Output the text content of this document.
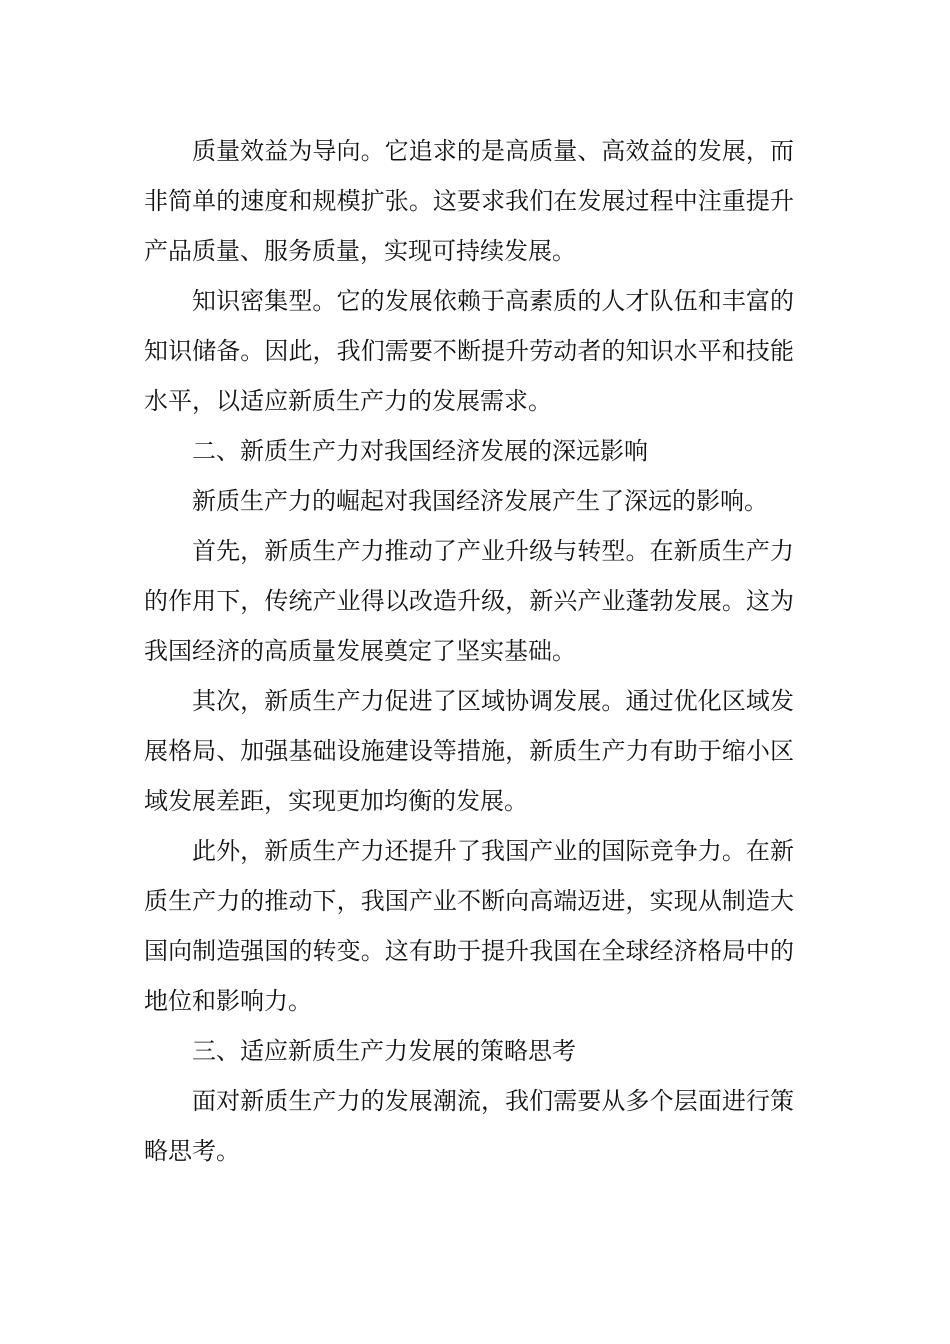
质量效益为导向。它追求的是高质量、高效益的发展，而非简单的速度和规模扩张。这要求我们在发展过程中注重提升产品质量、服务质量，实现可持续发展。

知识密集型。它的发展依赖于高素质的人才队伍和丰富的知识储备。因此，我们需要不断提升劳动者的知识水平和技能水平，以适应新质生产力的发展需求。

二、新质生产力对我国经济发展的深远影响

新质生产力的崛起对我国经济发展产生了深远的影响。

首先，新质生产力推动了产业升级与转型。在新质生产力的作用下，传统产业得以改造升级，新兴产业蓬勃发展。这为我国经济的高质量发展奠定了坚实基础。

其次，新质生产力促进了区域协调发展。通过优化区域发展格局、加强基础设施建设等措施，新质生产力有助于缩小区域发展差距，实现更加均衡的发展。

此外，新质生产力还提升了我国产业的国际竞争力。在新质生产力的推动下，我国产业不断向高端迈进，实现从制造大国向制造强国的转变。这有助于提升我国在全球经济格局中的地位和影响力。

三、适应新质生产力发展的策略思考

面对新质生产力的发展潮流，我们需要从多个层面进行策略思考。
